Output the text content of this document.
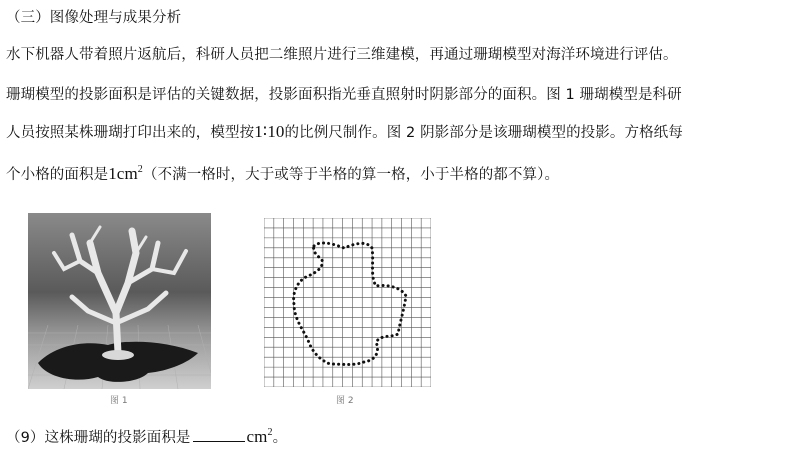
（三）图像处理与成果分析
水下机器人带着照片返航后，科研人员把二维照片进行三维建模，再通过珊瑚模型对海洋环境进行评估。
珊瑚模型的投影面积是评估的关键数据，投影面积指光垂直照射时阴影部分的面积。图 1 珊瑚模型是科研
人员按照某株珊瑚打印出来的，模型按1∶10的比例尺制作。图 2 阴影部分是该珊瑚模型的投影。方格纸每
个小格的面积是$1cm^2$（不满一格时，大于或等于半格的算一格，小于半格的都不算）。
图 1	图 2
（9）这株珊瑚的投影面积是	$cm^2$。
